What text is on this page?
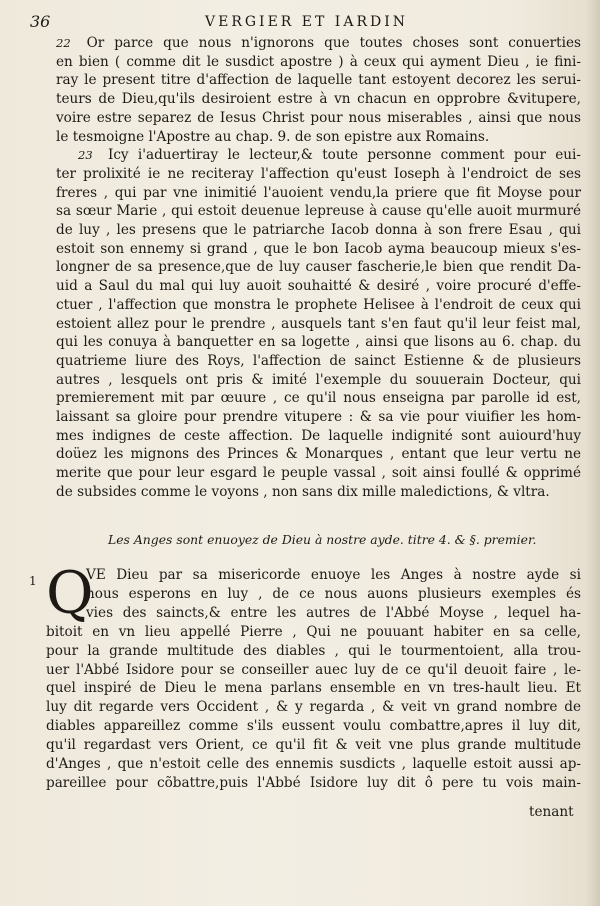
36	VERGIER ET IARDIN
22 Or parce que nous n'ignorons que toutes choses sont conuerties
en bien ( comme dit le susdict apostre ) à ceux qui ayment Dieu , ie fini-
ray le present titre d'affection de laquelle tant estoyent decorez les serui-
teurs de Dieu,qu'ils desiroient estre à vn chacun en opprobre &vitupere,
voire estre separez de Iesus Christ pour nous miserables , ainsi que nous
le tesmoigne l'Apostre au chap. 9. de son epistre aux Romains.
23 Icy i'aduertiray le lecteur,& toute personne comment pour eui-
ter prolixité ie ne reciteray l'affection qu'eust Ioseph à l'endroict de ses
freres , qui par vne inimitié l'auoient vendu,la priere que fit Moyse pour
sa sœur Marie , qui estoit deuenue lepreuse à cause qu'elle auoit murmuré
de luy , les presens que le patriarche Iacob donna à son frere Esau , qui
estoit son ennemy si grand , que le bon Iacob ayma beaucoup mieux s'es-
longner de sa presence,que de luy causer fascherie,le bien que rendit Da-
uid a Saul du mal qui luy auoit souhaitté & desiré , voire procuré d'effe-
ctuer , l'affection que monstra le prophete Helisee à l'endroit de ceux qui
estoient allez pour le prendre , ausquels tant s'en faut qu'il leur feist mal,
qui les conuya à banquetter en sa logette , ainsi que lisons au 6. chap. du
quatrieme liure des Roys, l'affection de sainct Estienne & de plusieurs
autres , lesquels ont pris & imité l'exemple du souuerain Docteur, qui
premierement mit par œuure , ce qu'il nous enseigna par parolle id est,
laissant sa gloire pour prendre vitupere : & sa vie pour viuifier les hom-
mes indignes de ceste affection. De laquelle indignité sont auiourd'huy
doüez les mignons des Princes & Monarques , entant que leur vertu ne
merite que pour leur esgard le peuple vassal , soit ainsi foullé & opprimé
de subsides comme le voyons , non sans dix mille maledictions, & vltra.
Les Anges sont enuoyez de Dieu à nostre ayde. titre 4. & §. premier.
1 Q
VE Dieu par sa misericorde enuoye les Anges à nostre ayde si
nous esperons en luy , de ce nous auons plusieurs exemples és
vies des saincts,& entre les autres de l'Abbé Moyse , lequel ha-
bitoit en vn lieu appellé Pierre , Qui ne pouuant habiter en sa celle,
pour la grande multitude des diables , qui le tourmentoient, alla trou-
uer l'Abbé Isidore pour se conseiller auec luy de ce qu'il deuoit faire , le-
quel inspiré de Dieu le mena parlans ensemble en vn tres-hault lieu. Et
luy dit regarde vers Occident , & y regarda , & veit vn grand nombre de
diables appareillez comme s'ils eussent voulu combattre,apres il luy dit,
qu'il regardast vers Orient, ce qu'il fit & veit vne plus grande multitude
d'Anges , que n'estoit celle des ennemis susdicts , laquelle estoit aussi ap-
pareillee pour cõbattre,puis l'Abbé Isidore luy dit ô pere tu vois main-
tenant
